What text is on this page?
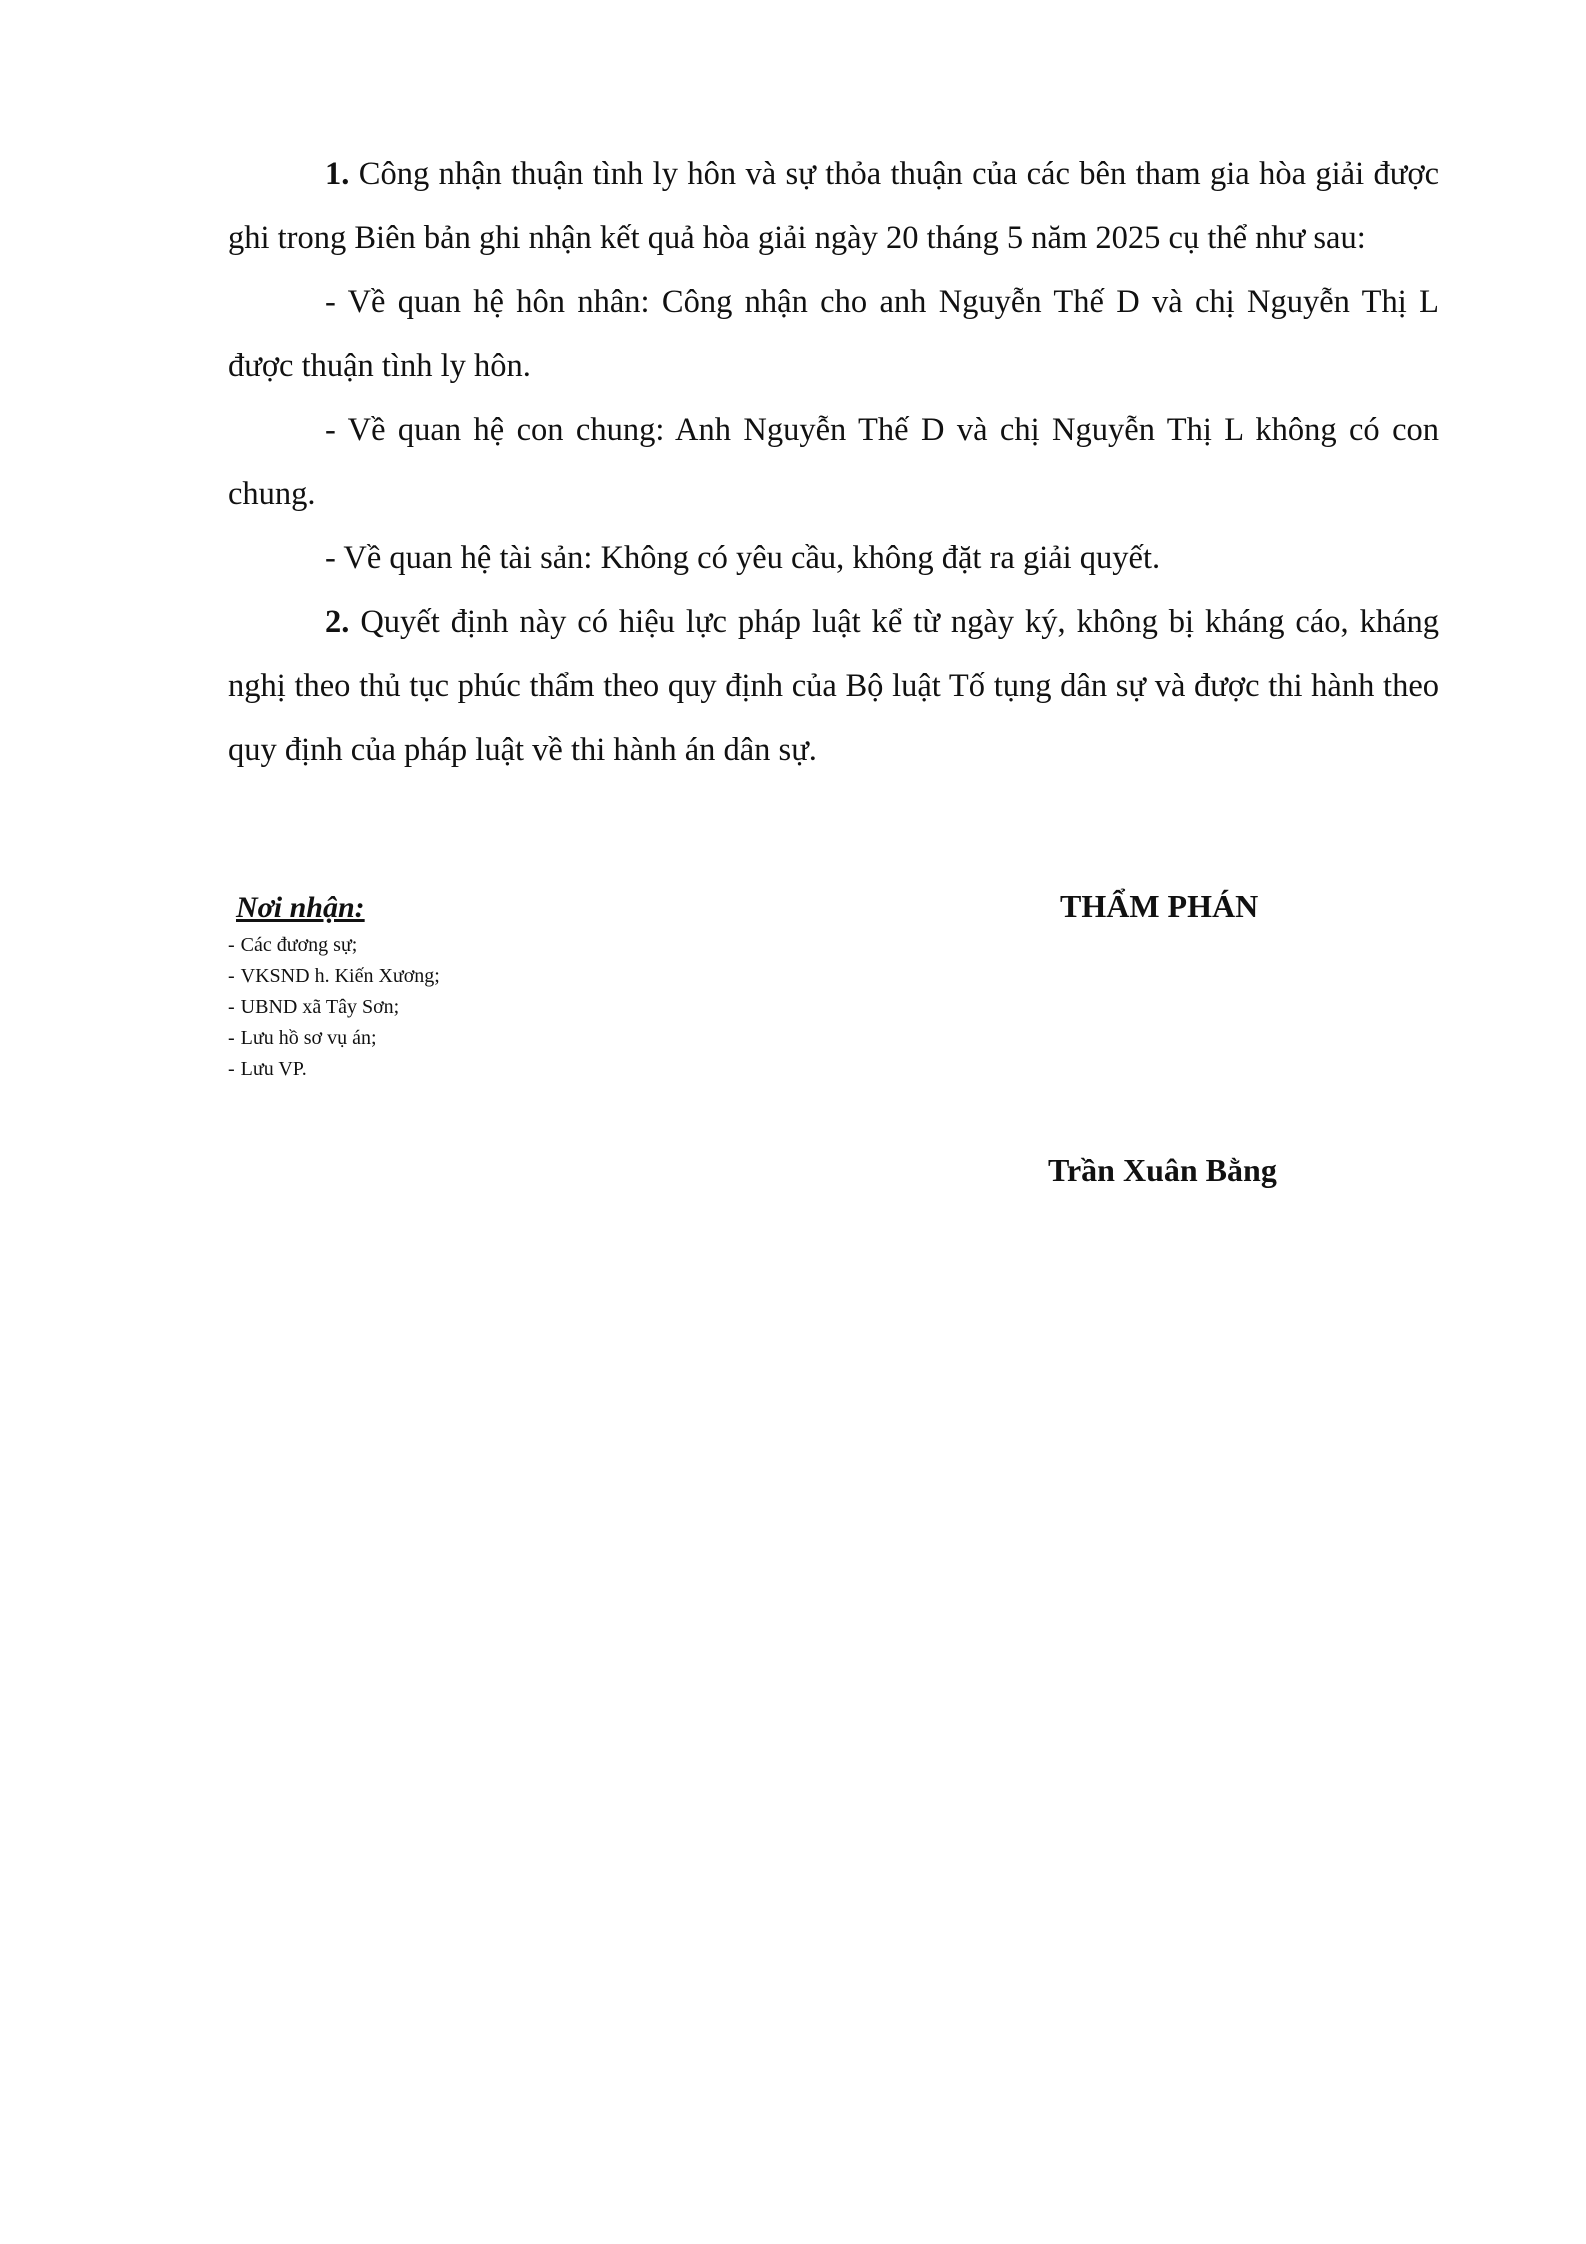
1. Công nhận thuận tình ly hôn và sự thỏa thuận của các bên tham gia hòa giải được ghi trong Biên bản ghi nhận kết quả hòa giải ngày 20 tháng 5 năm 2025 cụ thể như sau:

- Về quan hệ hôn nhân: Công nhận cho anh Nguyễn Thế D và chị Nguyễn Thị L được thuận tình ly hôn.

- Về quan hệ con chung: Anh Nguyễn Thế D và chị Nguyễn Thị L không có con chung.

- Về quan hệ tài sản: Không có yêu cầu, không đặt ra giải quyết.

2. Quyết định này có hiệu lực pháp luật kể từ ngày ký, không bị kháng cáo, kháng nghị theo thủ tục phúc thẩm theo quy định của Bộ luật Tố tụng dân sự và được thi hành theo quy định của pháp luật về thi hành án dân sự.

Nơi nhận:
- Các đương sự;
- VKSND h. Kiến Xương;
- UBND xã Tây Sơn;
- Lưu hồ sơ vụ án;
- Lưu VP.
THẨM PHÁN
Trần Xuân Bằng
